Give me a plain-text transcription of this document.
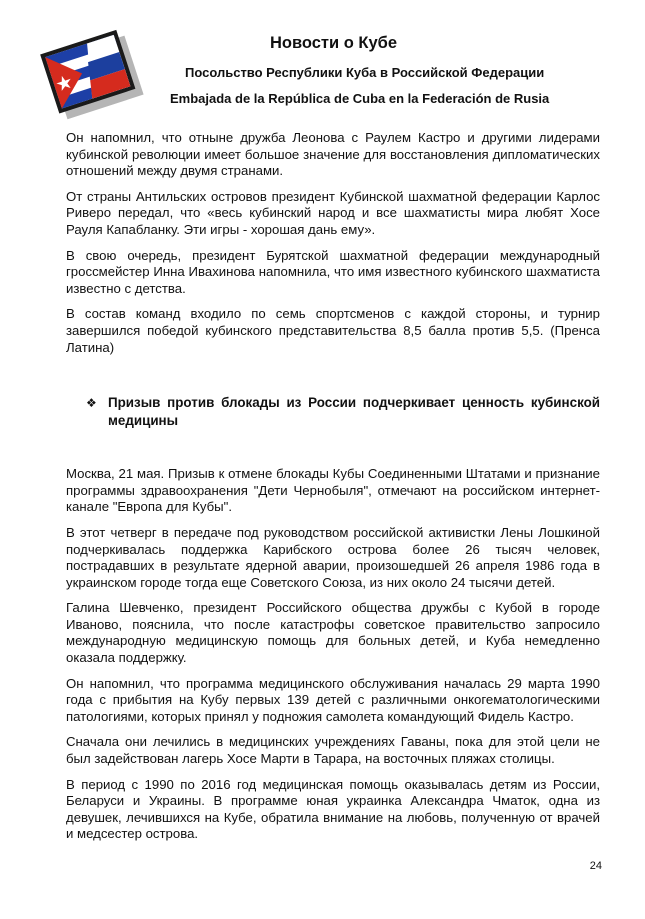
Новости о Кубе
Посольство Республики Куба в Российской Федерации
Embajada de la República de Cuba en la Federación de Rusia

Он напомнил, что отныне дружба Леонова с Раулем Кастро и другими лидерами кубинской революции имеет большое значение для восстановления дипломатических отношений между двумя странами.

От страны Антильских островов президент Кубинской шахматной федерации Карлос Риверо передал, что «весь кубинский народ и все шахматисты мира любят Хосе Рауля Капабланку. Эти игры - хорошая дань ему».

В свою очередь, президент Бурятской шахматной федерации международный гроссмейстер Инна Ивахинова напомнила, что имя известного кубинского шахматиста известно с детства.

В состав команд входило по семь спортсменов с каждой стороны, и турнир завершился победой кубинского представительства 8,5 балла против 5,5. (Пренса Латина)

❖ Призыв против блокады из России подчеркивает ценность кубинской медицины

Москва, 21 мая. Призыв к отмене блокады Кубы Соединенными Штатами и признание программы здравоохранения "Дети Чернобыля", отмечают на российском интернет-канале "Европа для Кубы".

В этот четверг в передаче под руководством российской активистки Лены Лошкиной подчеркивалась поддержка Карибского острова более 26 тысяч человек, пострадавших в результате ядерной аварии, произошедшей 26 апреля 1986 года в украинском городе тогда еще Советского Союза, из них около 24 тысячи детей.

Галина Шевченко, президент Российского общества дружбы с Кубой в городе Иваново, пояснила, что после катастрофы советское правительство запросило международную медицинскую помощь для больных детей, и Куба немедленно оказала поддержку.

Он напомнил, что программа медицинского обслуживания началась 29 марта 1990 года с прибытия на Кубу первых 139 детей с различными онкогематологическими патологиями, которых принял у подножия самолета командующий Фидель Кастро.

Сначала они лечились в медицинских учреждениях Гаваны, пока для этой цели не был задействован лагерь Хосе Марти в Тарара, на восточных пляжах столицы.

В период с 1990 по 2016 год медицинская помощь оказывалась детям из России, Беларуси и Украины. В программе юная украинка Александра Чматок, одна из девушек, лечившихся на Кубе, обратила внимание на любовь, полученную от врачей и медсестер острова.

24
